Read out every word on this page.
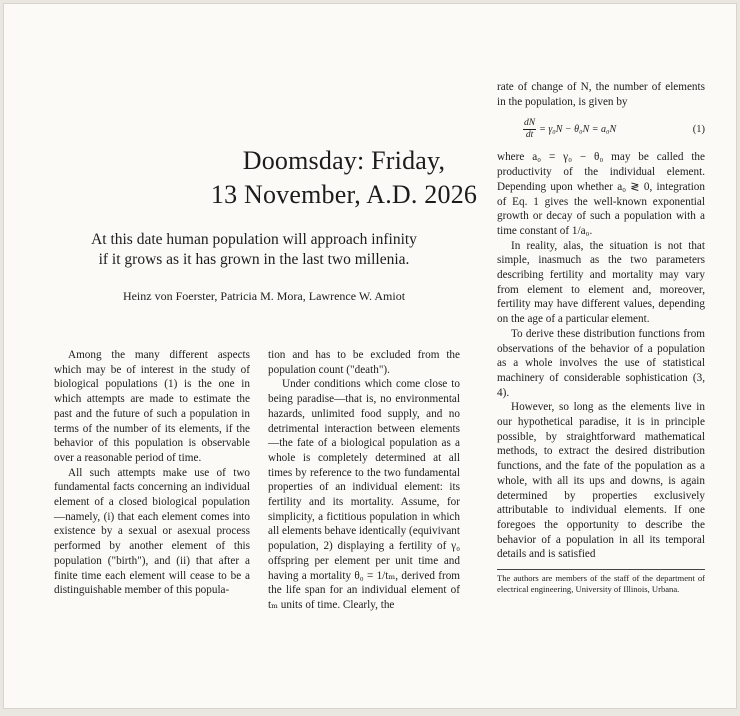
Doomsday: Friday,
13 November, A.D. 2026
At this date human population will approach infinity
if it grows as it has grown in the last two millenia.
Heinz von Foerster, Patricia M. Mora, Lawrence W. Amiot

Among the many different aspects which may be of interest in the study of biological populations (1) is the one in which attempts are made to estimate the past and the future of such a population in terms of the number of its elements, if the behavior of this population is observable over a reasonable period of time.

All such attempts make use of two fundamental facts concerning an individual element of a closed biological population—namely, (i) that each element comes into existence by a sexual or asexual process performed by another element of this population ("birth"), and (ii) that after a finite time each element will cease to be a distinguishable member of this popula-

tion and has to be excluded from the population count ("death").

Under conditions which come close to being paradise—that is, no environmental hazards, unlimited food supply, and no detrimental interaction between elements—the fate of a biological population as a whole is completely determined at all times by reference to the two fundamental properties of an individual element: its fertility and its mortality. Assume, for simplicity, a fictitious population in which all elements behave identically (equivivant population, 2) displaying a fertility of γ₀ offspring per element per unit time and having a mortality θ₀ = 1/tₘ, derived from the life span for an individual element of tₘ units of time. Clearly, the

rate of change of N, the number of elements in the population, is given by

$\frac{dN}{dt} = \gamma_0N - \theta_0N = a_0N$	(1)

where a₀ = γ₀ − θ₀ may be called the productivity of the individual element. Depending upon whether a₀ ≷ 0, integration of Eq. 1 gives the well-known exponential growth or decay of such a population with a time constant of 1/a₀.

In reality, alas, the situation is not that simple, inasmuch as the two parameters describing fertility and mortality may vary from element to element and, moreover, fertility may have different values, depending on the age of a particular element.

To derive these distribution functions from observations of the behavior of a population as a whole involves the use of statistical machinery of considerable sophistication (3, 4).

However, so long as the elements live in our hypothetical paradise, it is in principle possible, by straightforward mathematical methods, to extract the desired distribution functions, and the fate of the population as a whole, with all its ups and downs, is again determined by properties exclusively attributable to individual elements. If one foregoes the opportunity to describe the behavior of a population in all its temporal details and is satisfied

The authors are members of the staff of the department of electrical engineering, University of Illinois, Urbana.
